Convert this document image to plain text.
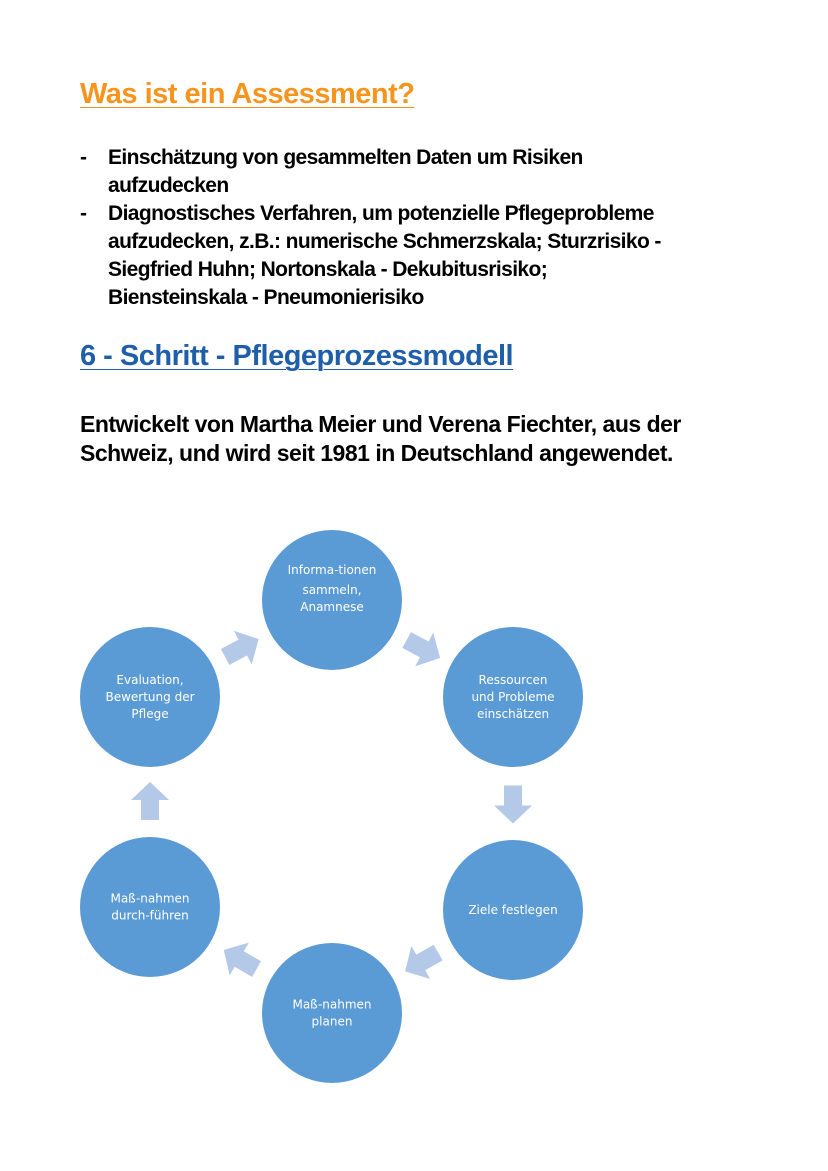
Was ist ein Assessment?
- Einschätzung von gesammelten Daten um Risiken
aufzudecken
- Diagnostisches Verfahren, um potenzielle Pflegeprobleme
aufzudecken, z.B.: numerische Schmerzskala; Sturzrisiko -
Siegfried Huhn; Nortonskala - Dekubitusrisiko;
Biensteinskala - Pneumonierisiko
6 - Schritt - Pflegeprozessmodell
Entwickelt von Martha Meier und Verena Fiechter, aus der
Schweiz, und wird seit 1981 in Deutschland angewendet.
Informa-tionen
sammeln,
Anamnese
Ressourcen
und Probleme
einschätzen
Ziele festlegen
Maß-nahmen
planen
Maß-nahmen
durch-führen
Evaluation,
Bewertung der
Pflege
